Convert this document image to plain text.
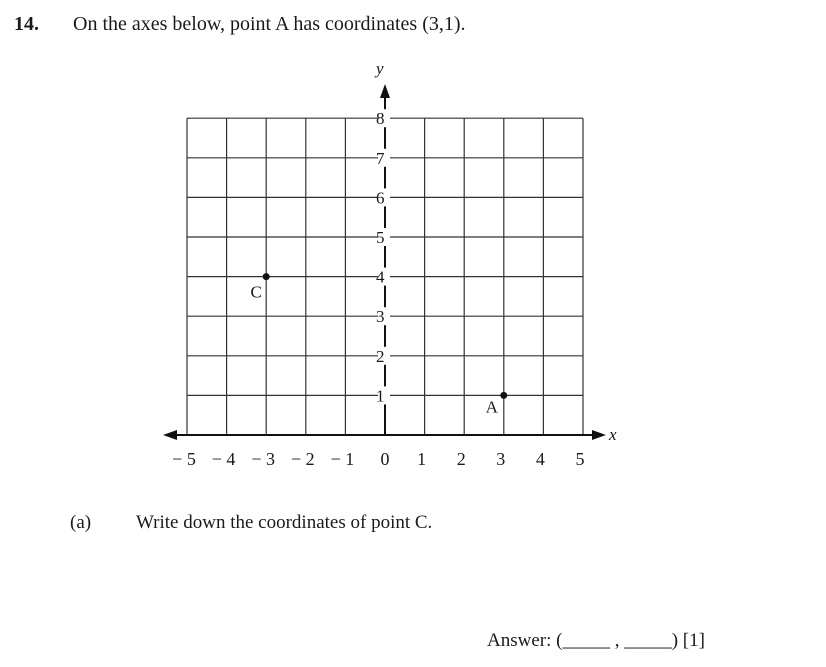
14. On the axes below, point A has coordinates (3,1).
x
y
− 5 − 4 − 3 − 2 − 1 0 1 2 3 4 5
1
2
3
4
5
6
7
8
A
C
(a) Write down the coordinates of point C.
Answer: (_____ , _____) [1]
